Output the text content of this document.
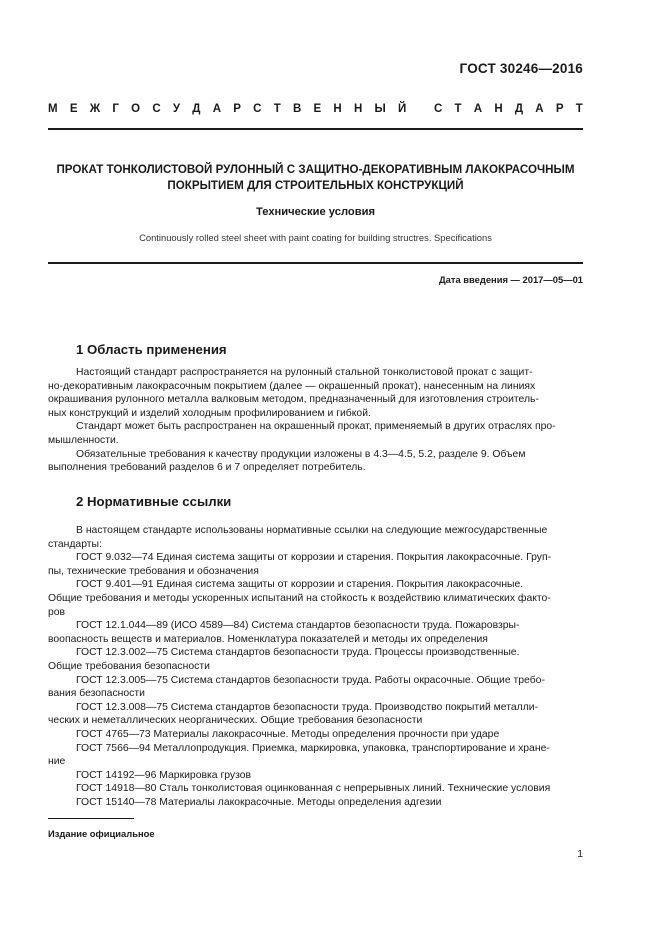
ГОСТ 30246—2016
М Е Ж Г О С У Д А Р С Т В Е Н Н Ы Й
С Т А Н Д А Р Т
ПРОКАТ ТОНКОЛИСТОВОЙ РУЛОННЫЙ С ЗАЩИТНО-ДЕКОРАТИВНЫМ ЛАКОКРАСОЧНЫМ
ПОКРЫТИЕМ ДЛЯ СТРОИТЕЛЬНЫХ КОНСТРУКЦИЙ
Технические условия
Continuously rolled steel sheet with paint coating for building structres. Specifications
Дата введения — 2017—05—01
1 Область применения
Настоящий стандарт распространяется на рулонный стальной тонколистовой прокат с защит-
но-декоративным лакокрасочным покрытием (далее — окрашенный прокат), нанесенным на линиях
окрашивания рулонного металла валковым методом, предназначенный для изготовления строитель-
ных конструкций и изделий холодным профилированием и гибкой.
Стандарт может быть распространен на окрашенный прокат, применяемый в других отраслях про-
мышленности.
Обязательные требования к качеству продукции изложены в 4.3—4.5, 5.2, разделе 9. Объем
выполнения требований разделов 6 и 7 определяет потребитель.
2 Нормативные ссылки
В настоящем стандарте использованы нормативные ссылки на следующие межгосударственные
стандарты:
ГОСТ 9.032—74 Единая система защиты от коррозии и старения. Покрытия лакокрасочные. Груп-
пы, технические требования и обозначения
ГОСТ 9.401—91 Единая система защиты от коррозии и старения. Покрытия лакокрасочные.
Общие требования и методы ускоренных испытаний на стойкость к воздействию климатических факто-
ров
ГОСТ 12.1.044—89 (ИСО 4589—84) Система стандартов безопасности труда. Пожаровзры-
воопасность веществ и материалов. Номенклатура показателей и методы их определения
ГОСТ 12.3.002—75 Система стандартов безопасности труда. Процессы производственные.
Общие требования безопасности
ГОСТ 12.3.005—75 Система стандартов безопасности труда. Работы окрасочные. Общие требо-
вания безопасности
ГОСТ 12.3.008—75 Система стандартов безопасности труда. Производство покрытий металли-
ческих и неметаллических неорганических. Общие требования безопасности
ГОСТ 4765—73 Материалы лакокрасочные. Методы определения прочности при ударе
ГОСТ 7566—94 Металлопродукция. Приемка, маркировка, упаковка, транспортирование и хране-
ние
ГОСТ 14192—96 Маркировка грузов
ГОСТ 14918—80 Сталь тонколистовая оцинкованная с непрерывных линий. Технические условия
ГОСТ 15140—78 Материалы лакокрасочные. Методы определения адгезии
Издание официальное
1
